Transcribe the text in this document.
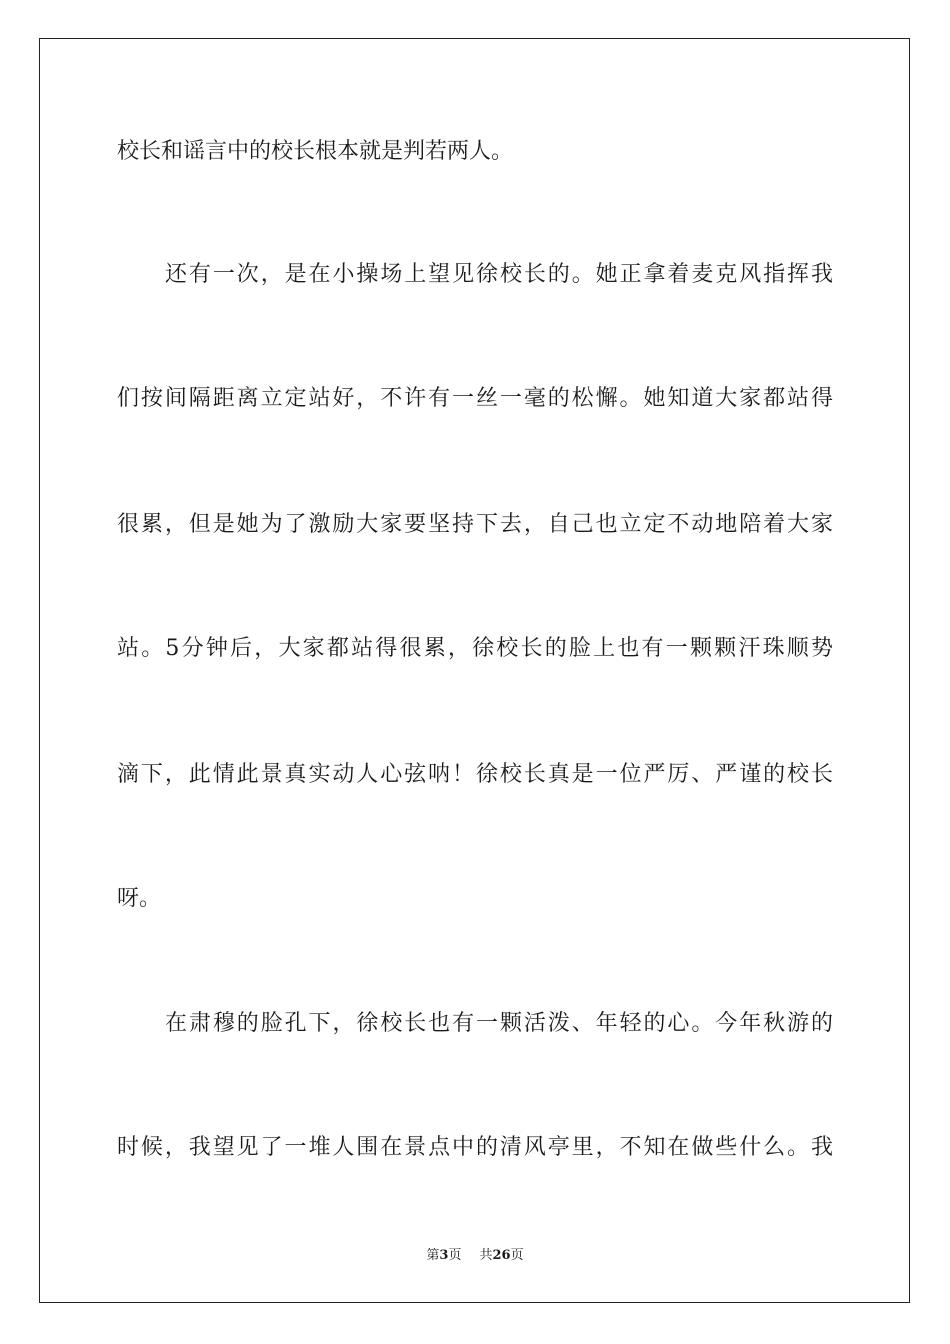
校长和谣言中的校长根本就是判若两人。
还有一次，是在小操场上望见徐校长的。她正拿着麦克风指挥我
们按间隔距离立定站好，不许有一丝一毫的松懈。她知道大家都站得
很累，但是她为了激励大家要坚持下去，自己也立定不动地陪着大家
站。5分钟后，大家都站得很累，徐校长的脸上也有一颗颗汗珠顺势
滴下，此情此景真实动人心弦呐！徐校长真是一位严厉、严谨的校长
呀。
在肃穆的脸孔下，徐校长也有一颗活泼、年轻的心。今年秋游的
时候，我望见了一堆人围在景点中的清风亭里，不知在做些什么。我
第3页 共26页
